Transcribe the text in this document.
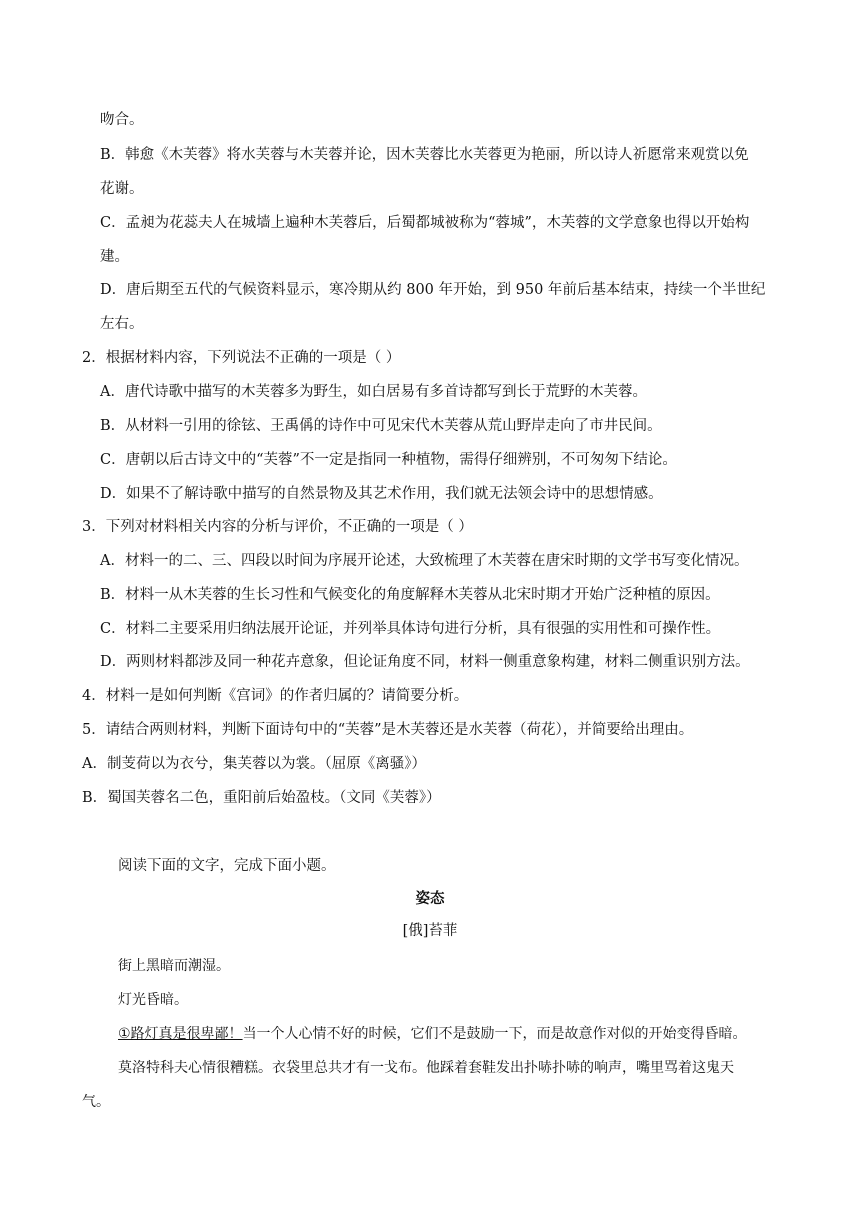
吻合。
B．韩愈《木芙蓉》将水芙蓉与木芙蓉并论，因木芙蓉比水芙蓉更为艳丽，所以诗人祈愿常来观赏以免
花谢。
C．孟昶为花蕊夫人在城墙上遍种木芙蓉后，后蜀都城被称为“蓉城”，木芙蓉的文学意象也得以开始构
建。
D．唐后期至五代的气候资料显示，寒冷期从约 800 年开始，到 950 年前后基本结束，持续一个半世纪
左右。
2．根据材料内容，下列说法不正确的一项是（ ）
A．唐代诗歌中描写的木芙蓉多为野生，如白居易有多首诗都写到长于荒野的木芙蓉。
B．从材料一引用的徐铉、王禹偁的诗作中可见宋代木芙蓉从荒山野岸走向了市井民间。
C．唐朝以后古诗文中的“芙蓉”不一定是指同一种植物，需得仔细辨别，不可匆匆下结论。
D．如果不了解诗歌中描写的自然景物及其艺术作用，我们就无法领会诗中的思想情感。
3．下列对材料相关内容的分析与评价，不正确的一项是（ ）
A．材料一的二、三、四段以时间为序展开论述，大致梳理了木芙蓉在唐宋时期的文学书写变化情况。
B．材料一从木芙蓉的生长习性和气候变化的角度解释木芙蓉从北宋时期才开始广泛种植的原因。
C．材料二主要采用归纳法展开论证，并列举具体诗句进行分析，具有很强的实用性和可操作性。
D．两则材料都涉及同一种花卉意象，但论证角度不同，材料一侧重意象构建，材料二侧重识别方法。
4．材料一是如何判断《宫词》的作者归属的？请简要分析。
5．请结合两则材料，判断下面诗句中的“芙蓉”是木芙蓉还是水芙蓉（荷花），并简要给出理由。
A．制芰荷以为衣兮，集芙蓉以为裳。（屈原《离骚》）
B．蜀国芙蓉名二色，重阳前后始盈枝。（文同《芙蓉》）
阅读下面的文字，完成下面小题。
姿态
[俄]苔菲
街上黑暗而潮湿。
灯光昏暗。
①路灯真是很卑鄙！当一个人心情不好的时候，它们不是鼓励一下，而是故意作对似的开始变得昏暗。
莫洛特科夫心情很糟糕。衣袋里总共才有一戈布。他踩着套鞋发出扑哧扑哧的响声，嘴里骂着这鬼天
气。
